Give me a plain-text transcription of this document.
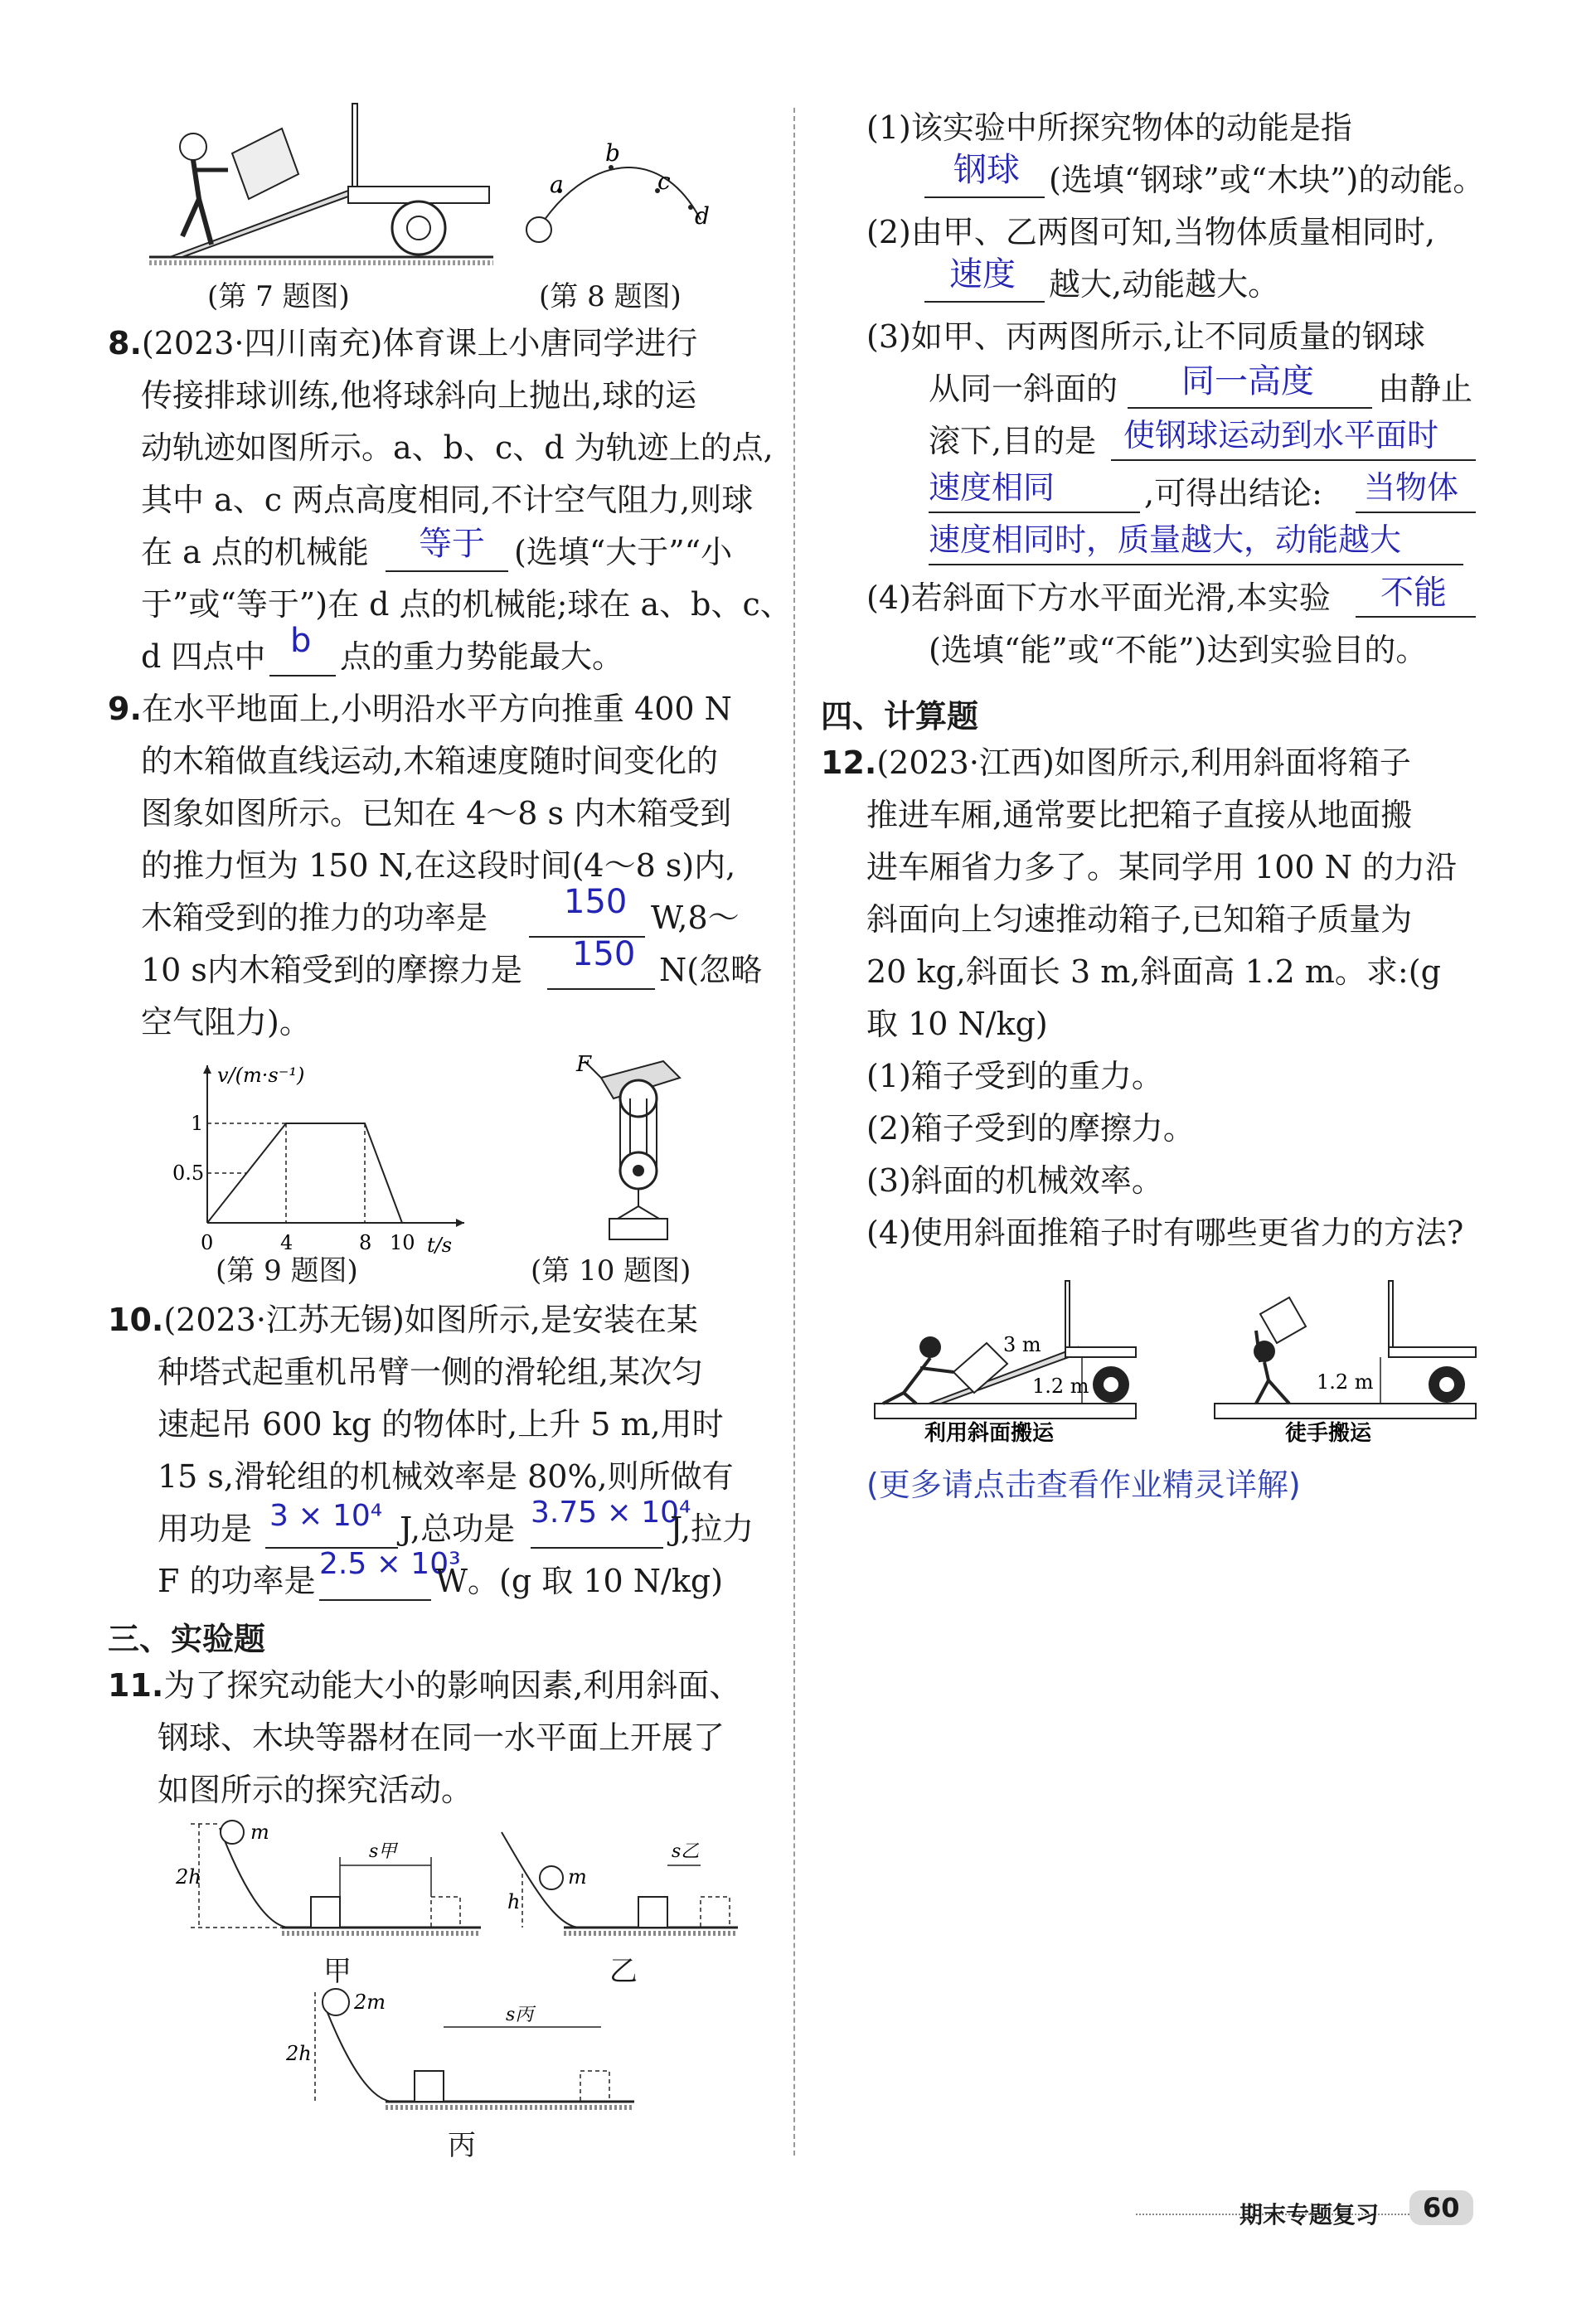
(第 7 题图)
a
b
c
d
(第 8 题图)
8.(2023·四川南充)体育课上小唐同学进行
传接排球训练,他将球斜向上抛出,球的运
动轨迹如图所示。a、b、c、d 为轨迹上的点,
其中 a、c 两点高度相同,不计空气阻力,则球
在 a 点的机械能 等于 (选填“大于”“小
于”或“等于”)在 d 点的机械能;球在 a、b、c、
d 四点中 b 点的重力势能最大。
9.在水平地面上,小明沿水平方向推重 400 N
的木箱做直线运动,木箱速度随时间变化的
图象如图所示。已知在 4～8 s 内木箱受到
的推力恒为 150 N,在这段时间(4～8 s)内,
木箱受到的推力的功率是 150 W,8～
10 s内木箱受到的摩擦力是 150 N(忽略
空气阻力)。
v/(m·s⁻¹)
t/s
1
0.5
0	4	8 10
(第 9 题图)
F
(第 10 题图)
10.(2023·江苏无锡)如图所示,是安装在某
种塔式起重机吊臂一侧的滑轮组,某次匀
速起吊 600 kg 的物体时,上升 5 m,用时
15 s,滑轮组的机械效率是 80%,则所做有
用功是 3 × 10⁴ J,总功是 3.75 × 10⁴
J,拉力
F 的功率是 2.5 × 10³
W。(g 取 10 N/kg)
三、实验题
11.为了探究动能大小的影响因素,利用斜面、
钢球、木块等器材在同一水平面上开展了
如图所示的探究活动。
m
2h
s甲
甲
m
h
s乙
乙
2m
2h
s丙
丙
(1)该实验中所探究物体的动能是指
钢球 (选填“钢球”或“木块”)的动能。
(2)由甲、乙两图可知,当物体质量相同时,
速度 越大,动能越大。
(3)如甲、丙两图所示,让不同质量的钢球
从同一斜面的 同一高度 由静止
滚下,目的是 使钢球运动到水平面时
速度相同	,可得出结论: 当物体
速度相同时，质量越大，动能越大
(4)若斜面下方水平面光滑,本实验 不能
(选填“能”或“不能”)达到实验目的。
四、计算题
12.(2023·江西)如图所示,利用斜面将箱子
推进车厢,通常要比把箱子直接从地面搬
进车厢省力多了。某同学用 100 N 的力沿
斜面向上匀速推动箱子,已知箱子质量为
20 kg,斜面长 3 m,斜面高 1.2 m。求:(g
取 10 N/kg)
(1)箱子受到的重力。
(2)箱子受到的摩擦力。
(3)斜面的机械效率。
(4)使用斜面推箱子时有哪些更省力的方法?
3 m
1.2 m
利用斜面搬运
1.2 m
徒手搬运
(更多请点击查看作业精灵详解)
期末专题复习	60
